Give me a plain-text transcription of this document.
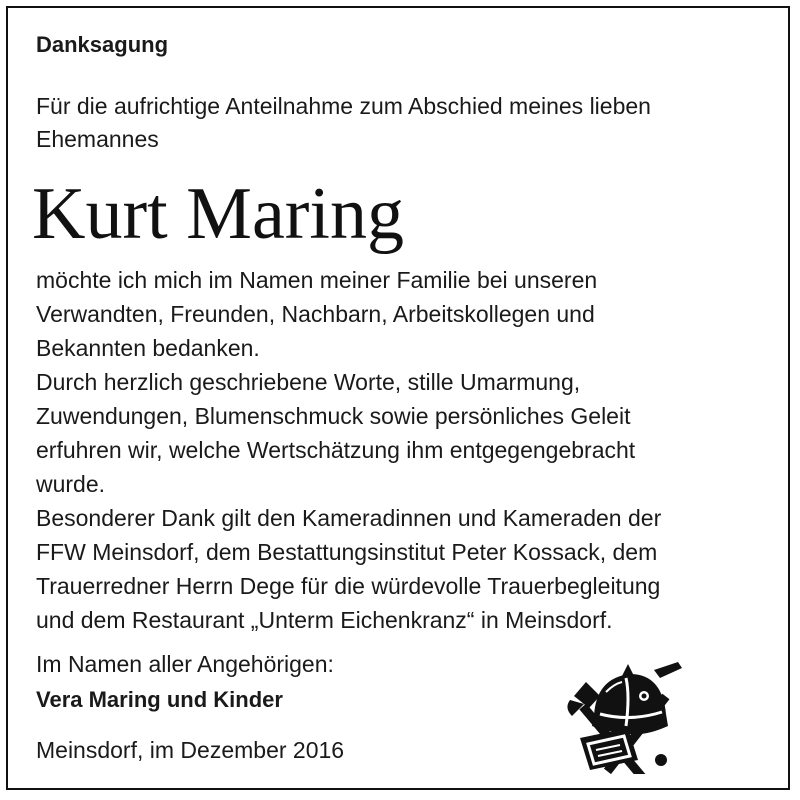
Danksagung
Für die aufrichtige Anteilnahme zum Abschied meines lieben
Ehemannes
Kurt Maring

möchte ich mich im Namen meiner Familie bei unseren

Verwandten, Freunden, Nachbarn, Arbeitskollegen und

Bekannten bedanken.

Durch herzlich geschriebene Worte, stille Umarmung,

Zuwendungen, Blumenschmuck sowie persönliches Geleit

erfuhren wir, welche Wertschätzung ihm entgegengebracht

wurde.

Besonderer Dank gilt den Kameradinnen und Kameraden der

FFW Meinsdorf, dem Bestattungsinstitut Peter Kossack, dem

Trauerredner Herrn Dege für die würdevolle Trauerbegleitung

und dem Restaurant „Unterm Eichenkranz“ in Meinsdorf.

Im Namen aller Angehörigen:
Vera Maring und Kinder
Meinsdorf, im Dezember 2016
